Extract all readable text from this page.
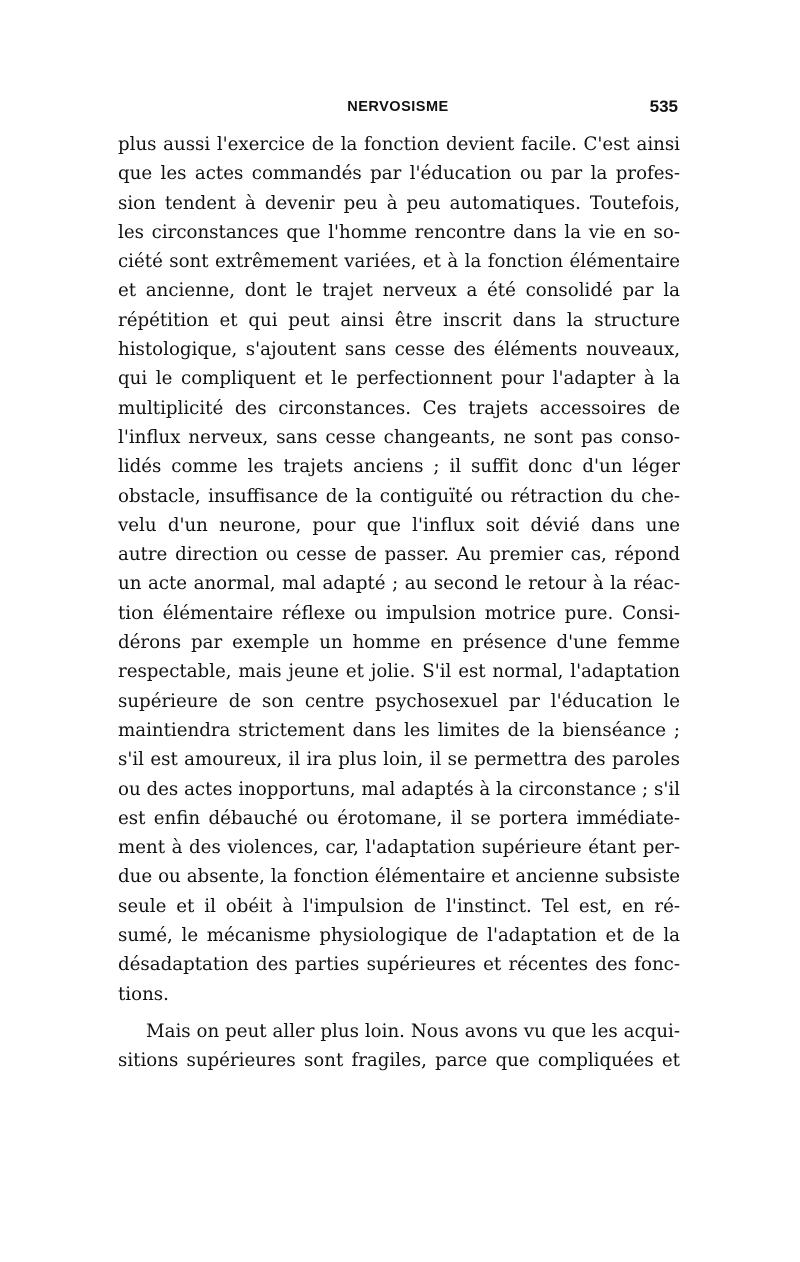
NERVOSISME	535
plus aussi l'exercice de la fonction devient facile. C'est ainsi
que les actes commandés par l'éducation ou par la profes-
sion tendent à devenir peu à peu automatiques. Toutefois,
les circonstances que l'homme rencontre dans la vie en so-
ciété sont extrêmement variées, et à la fonction élémentaire
et ancienne, dont le trajet nerveux a été consolidé par la
répétition et qui peut ainsi être inscrit dans la structure
histologique, s'ajoutent sans cesse des éléments nouveaux,
qui le compliquent et le perfectionnent pour l'adapter à la
multiplicité des circonstances. Ces trajets accessoires de
l'influx nerveux, sans cesse changeants, ne sont pas conso-
lidés comme les trajets anciens ; il suffit donc d'un léger
obstacle, insuffisance de la contiguïté ou rétraction du che-
velu d'un neurone, pour que l'influx soit dévié dans une
autre direction ou cesse de passer. Au premier cas, répond
un acte anormal, mal adapté ; au second le retour à la réac-
tion élémentaire réflexe ou impulsion motrice pure. Consi-
dérons par exemple un homme en présence d'une femme
respectable, mais jeune et jolie. S'il est normal, l'adaptation
supérieure de son centre psychosexuel par l'éducation le
maintiendra strictement dans les limites de la bienséance ;
s'il est amoureux, il ira plus loin, il se permettra des paroles
ou des actes inopportuns, mal adaptés à la circonstance ; s'il
est enfin débauché ou érotomane, il se portera immédiate-
ment à des violences, car, l'adaptation supérieure étant per-
due ou absente, la fonction élémentaire et ancienne subsiste
seule et il obéit à l'impulsion de l'instinct. Tel est, en ré-
sumé, le mécanisme physiologique de l'adaptation et de la
désadaptation des parties supérieures et récentes des fonc-
tions.
Mais on peut aller plus loin. Nous avons vu que les acqui-
sitions supérieures sont fragiles, parce que compliquées et
